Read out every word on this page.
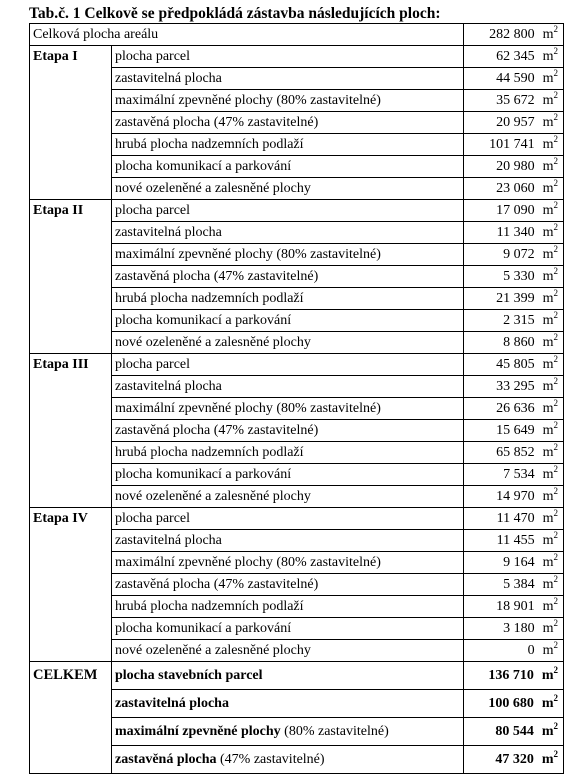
Tab.č. 1 Celkově se předpokládá zástavba následujících ploch:
Celková plocha areálu		282 800 $m^2$
Etapa I	plocha parcel	62 345 $m^2$
	zastavitelná plocha	44 590 $m^2$
	maximální zpevněné plochy (80% zastavitelné)	35 672 $m^2$
	zastavěná plocha (47% zastavitelné)	20 957 $m^2$
	hrubá plocha nadzemních podlaží	101 741 $m^2$
	plocha komunikací a parkování	20 980 $m^2$
	nové ozeleněné a zalesněné plochy	23 060 $m^2$
Etapa II	plocha parcel	17 090 $m^2$
	zastavitelná plocha	11 340 $m^2$
	maximální zpevněné plochy (80% zastavitelné)	9 072 $m^2$
	zastavěná plocha (47% zastavitelné)	5 330 $m^2$
	hrubá plocha nadzemních podlaží	21 399 $m^2$
	plocha komunikací a parkování	2 315 $m^2$
	nové ozeleněné a zalesněné plochy	8 860 $m^2$
Etapa III	plocha parcel	45 805 $m^2$
	zastavitelná plocha	33 295 $m^2$
	maximální zpevněné plochy (80% zastavitelné)	26 636 $m^2$
	zastavěná plocha (47% zastavitelné)	15 649 $m^2$
	hrubá plocha nadzemních podlaží	65 852 $m^2$
	plocha komunikací a parkování	7 534 $m^2$
	nové ozeleněné a zalesněné plochy	14 970 $m^2$
Etapa IV	plocha parcel	11 470 $m^2$
	zastavitelná plocha	11 455 $m^2$
	maximální zpevněné plochy (80% zastavitelné)	9 164 $m^2$
	zastavěná plocha (47% zastavitelné)	5 384 $m^2$
	hrubá plocha nadzemních podlaží	18 901 $m^2$
	plocha komunikací a parkování	3 180 $m^2$
	nové ozeleněné a zalesněné plochy	0 $m^2$
CELKEM	plocha stavebních parcel	136 710 $m^2$
	zastavitelná plocha	100 680 $m^2$
	maximální zpevněné plochy (80% zastavitelné)	80 544 $m^2$
	zastavěná plocha (47% zastavitelné)	47 320 $m^2$
